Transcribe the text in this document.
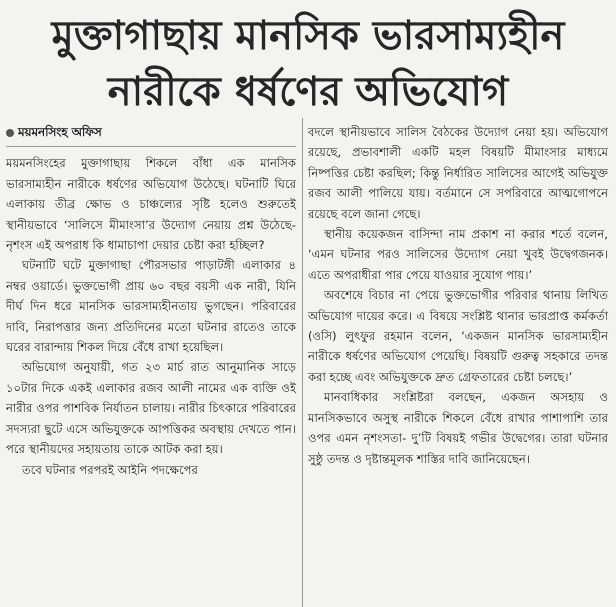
মুক্তাগাছায় মানসিক ভারসাম্যহীন
নারীকে ধর্ষণের অভিযোগ
ময়মনসিংহ অফিস

ময়মনসিংহের মুক্তাগাছায় শিকলে বাঁধা এক মানসিক ভারসাম্যহীন নারীকে ধর্ষণের অভিযোগ উঠেছে। ঘটনাটি ঘিরে এলাকায় তীব্র ক্ষোভ ও চাঞ্চল্যের সৃষ্টি হলেও শুরুতেই স্থানীয়ভাবে ‘সালিসে মীমাংসা’র উদ্যোগ নেয়ায় প্রশ্ন উঠেছে- নৃশংস এই অপরাধ কি ধামাচাপা দেয়ার চেষ্টা করা হচ্ছিল?

ঘটনাটি ঘটে মুক্তাগাছা পৌরসভার পাড়াটঙ্গী এলাকার ৪ নম্বর ওয়ার্ডে। ভুক্তভোগী প্রায় ৬০ বছর বয়সী এক নারী, যিনি দীর্ঘ দিন ধরে মানসিক ভারসাম্যহীনতায় ভুগছেন। পরিবারের দাবি, নিরাপত্তার জন্য প্রতিদিনের মতো ঘটনার রাতেও তাকে ঘরের বারান্দায় শিকল দিয়ে বেঁধে রাখা হয়েছিল।

অভিযোগ অনুযায়ী, গত ২৩ মার্চ রাত আনুমানিক সাড়ে ১০টার দিকে একই এলাকার রজব আলী নামের এক ব্যক্তি ওই নারীর ওপর পাশবিক নির্যাতন চালায়। নারীর চিৎকারে পরিবারের সদস্যরা ছুটে এসে অভিযুক্তকে আপত্তিকর অবস্থায় দেখতে পান। পরে স্থানীয়দের সহায়তায় তাকে আটক করা হয়।

তবে ঘটনার পরপরই আইনি পদক্ষেপের

বদলে স্থানীয়ভাবে সালিস বৈঠকের উদ্যোগ নেয়া হয়। অভিযোগ রয়েছে, প্রভাবশালী একটি মহল বিষয়টি মীমাংসার মাধ্যমে নিষ্পত্তির চেষ্টা করছিল; কিন্তু নির্ধারিত সালিসের আগেই অভিযুক্ত রজব আলী পালিয়ে যায়। বর্তমানে সে সপরিবারে আত্মগোপনে রয়েছে বলে জানা গেছে।

স্থানীয় কয়েকজন বাসিন্দা নাম প্রকাশ না করার শর্তে বলেন, ‘এমন ঘটনার পরও সালিসের উদ্যোগ নেয়া খুবই উদ্বেগজনক। এতে অপরাধীরা পার পেয়ে যাওয়ার সুযোগ পায়।’

অবশেষে বিচার না পেয়ে ভুক্তভোগীর পরিবার থানায় লিখিত অভিযোগ দায়ের করে। এ বিষয়ে সংশ্লিষ্ট থানার ভারপ্রাপ্ত কর্মকর্তা (ওসি) লুৎফুর রহমান বলেন, ‘একজন মানসিক ভারসাম্যহীন নারীকে ধর্ষণের অভিযোগ পেয়েছি। বিষয়টি গুরুত্ব সহকারে তদন্ত করা হচ্ছে এবং অভিযুক্তকে দ্রুত গ্রেফতারের চেষ্টা চলছে।’

মানবাধিকার সংশ্লিষ্টরা বলছেন, একজন অসহায় ও মানসিকভাবে অসুস্থ নারীকে শিকলে বেঁধে রাখার পাশাপাশি তার ওপর এমন নৃশংসতা- দু’টি বিষয়ই গভীর উদ্বেগের। তারা ঘটনার সুষ্ঠু তদন্ত ও দৃষ্টান্তমূলক শাস্তির দাবি জানিয়েছেন।
